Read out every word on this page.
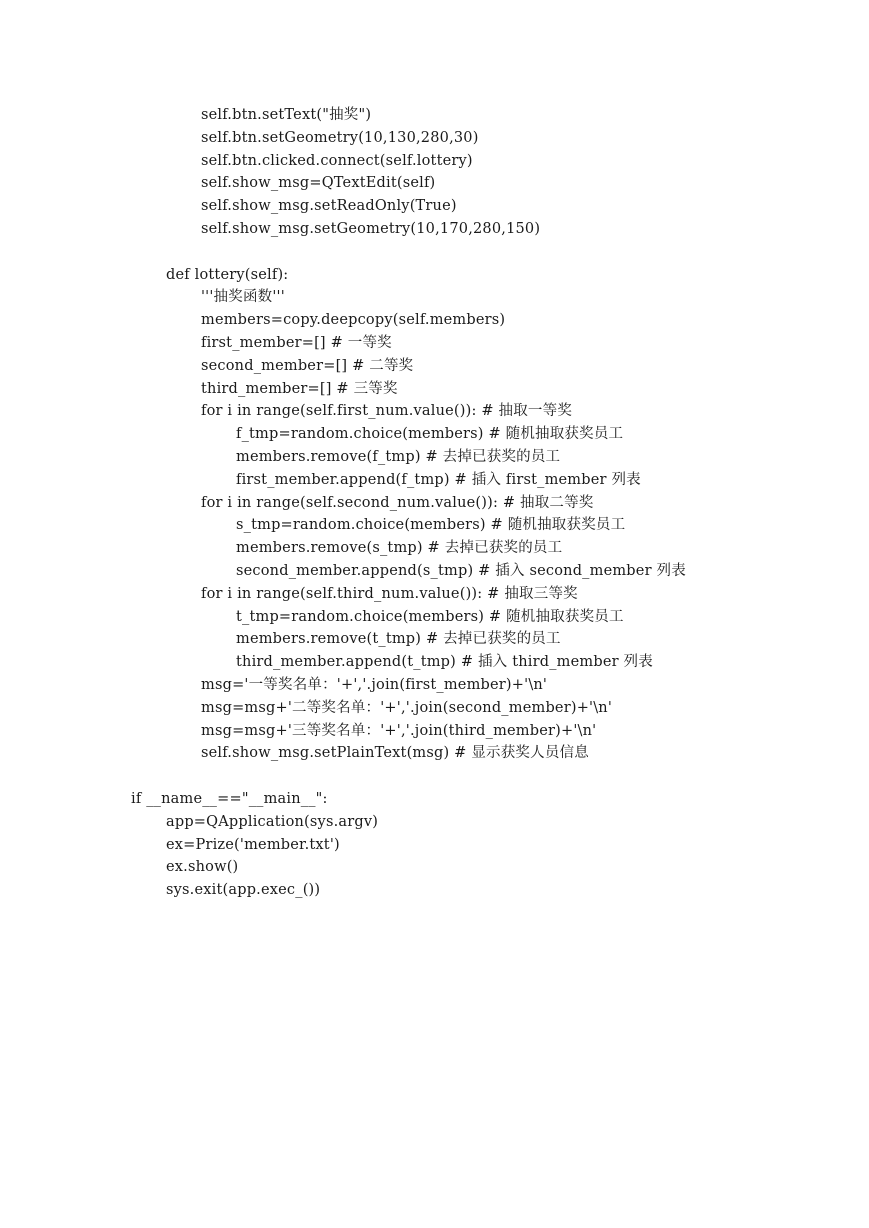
self.btn.setText("抽奖")
self.btn.setGeometry(10,130,280,30)
self.btn.clicked.connect(self.lottery)
self.show_msg=QTextEdit(self)
self.show_msg.setReadOnly(True)
self.show_msg.setGeometry(10,170,280,150)
def lottery(self):
'''抽奖函数'''
members=copy.deepcopy(self.members)
first_member=[] # 一等奖
second_member=[] # 二等奖
third_member=[] # 三等奖
for i in range(self.first_num.value()): # 抽取一等奖
f_tmp=random.choice(members) # 随机抽取获奖员工
members.remove(f_tmp) # 去掉已获奖的员工
first_member.append(f_tmp) # 插入 first_member 列表
for i in range(self.second_num.value()): # 抽取二等奖
s_tmp=random.choice(members) # 随机抽取获奖员工
members.remove(s_tmp) # 去掉已获奖的员工
second_member.append(s_tmp) # 插入 second_member 列表
for i in range(self.third_num.value()): # 抽取三等奖
t_tmp=random.choice(members) # 随机抽取获奖员工
members.remove(t_tmp) # 去掉已获奖的员工
third_member.append(t_tmp) # 插入 third_member 列表
msg='一等奖名单：'+','.join(first_member)+'\n'
msg=msg+'二等奖名单：'+','.join(second_member)+'\n'
msg=msg+'三等奖名单：'+','.join(third_member)+'\n'
self.show_msg.setPlainText(msg) # 显示获奖人员信息
if __name__=="__main__":
app=QApplication(sys.argv)
ex=Prize('member.txt')
ex.show()
sys.exit(app.exec_())
